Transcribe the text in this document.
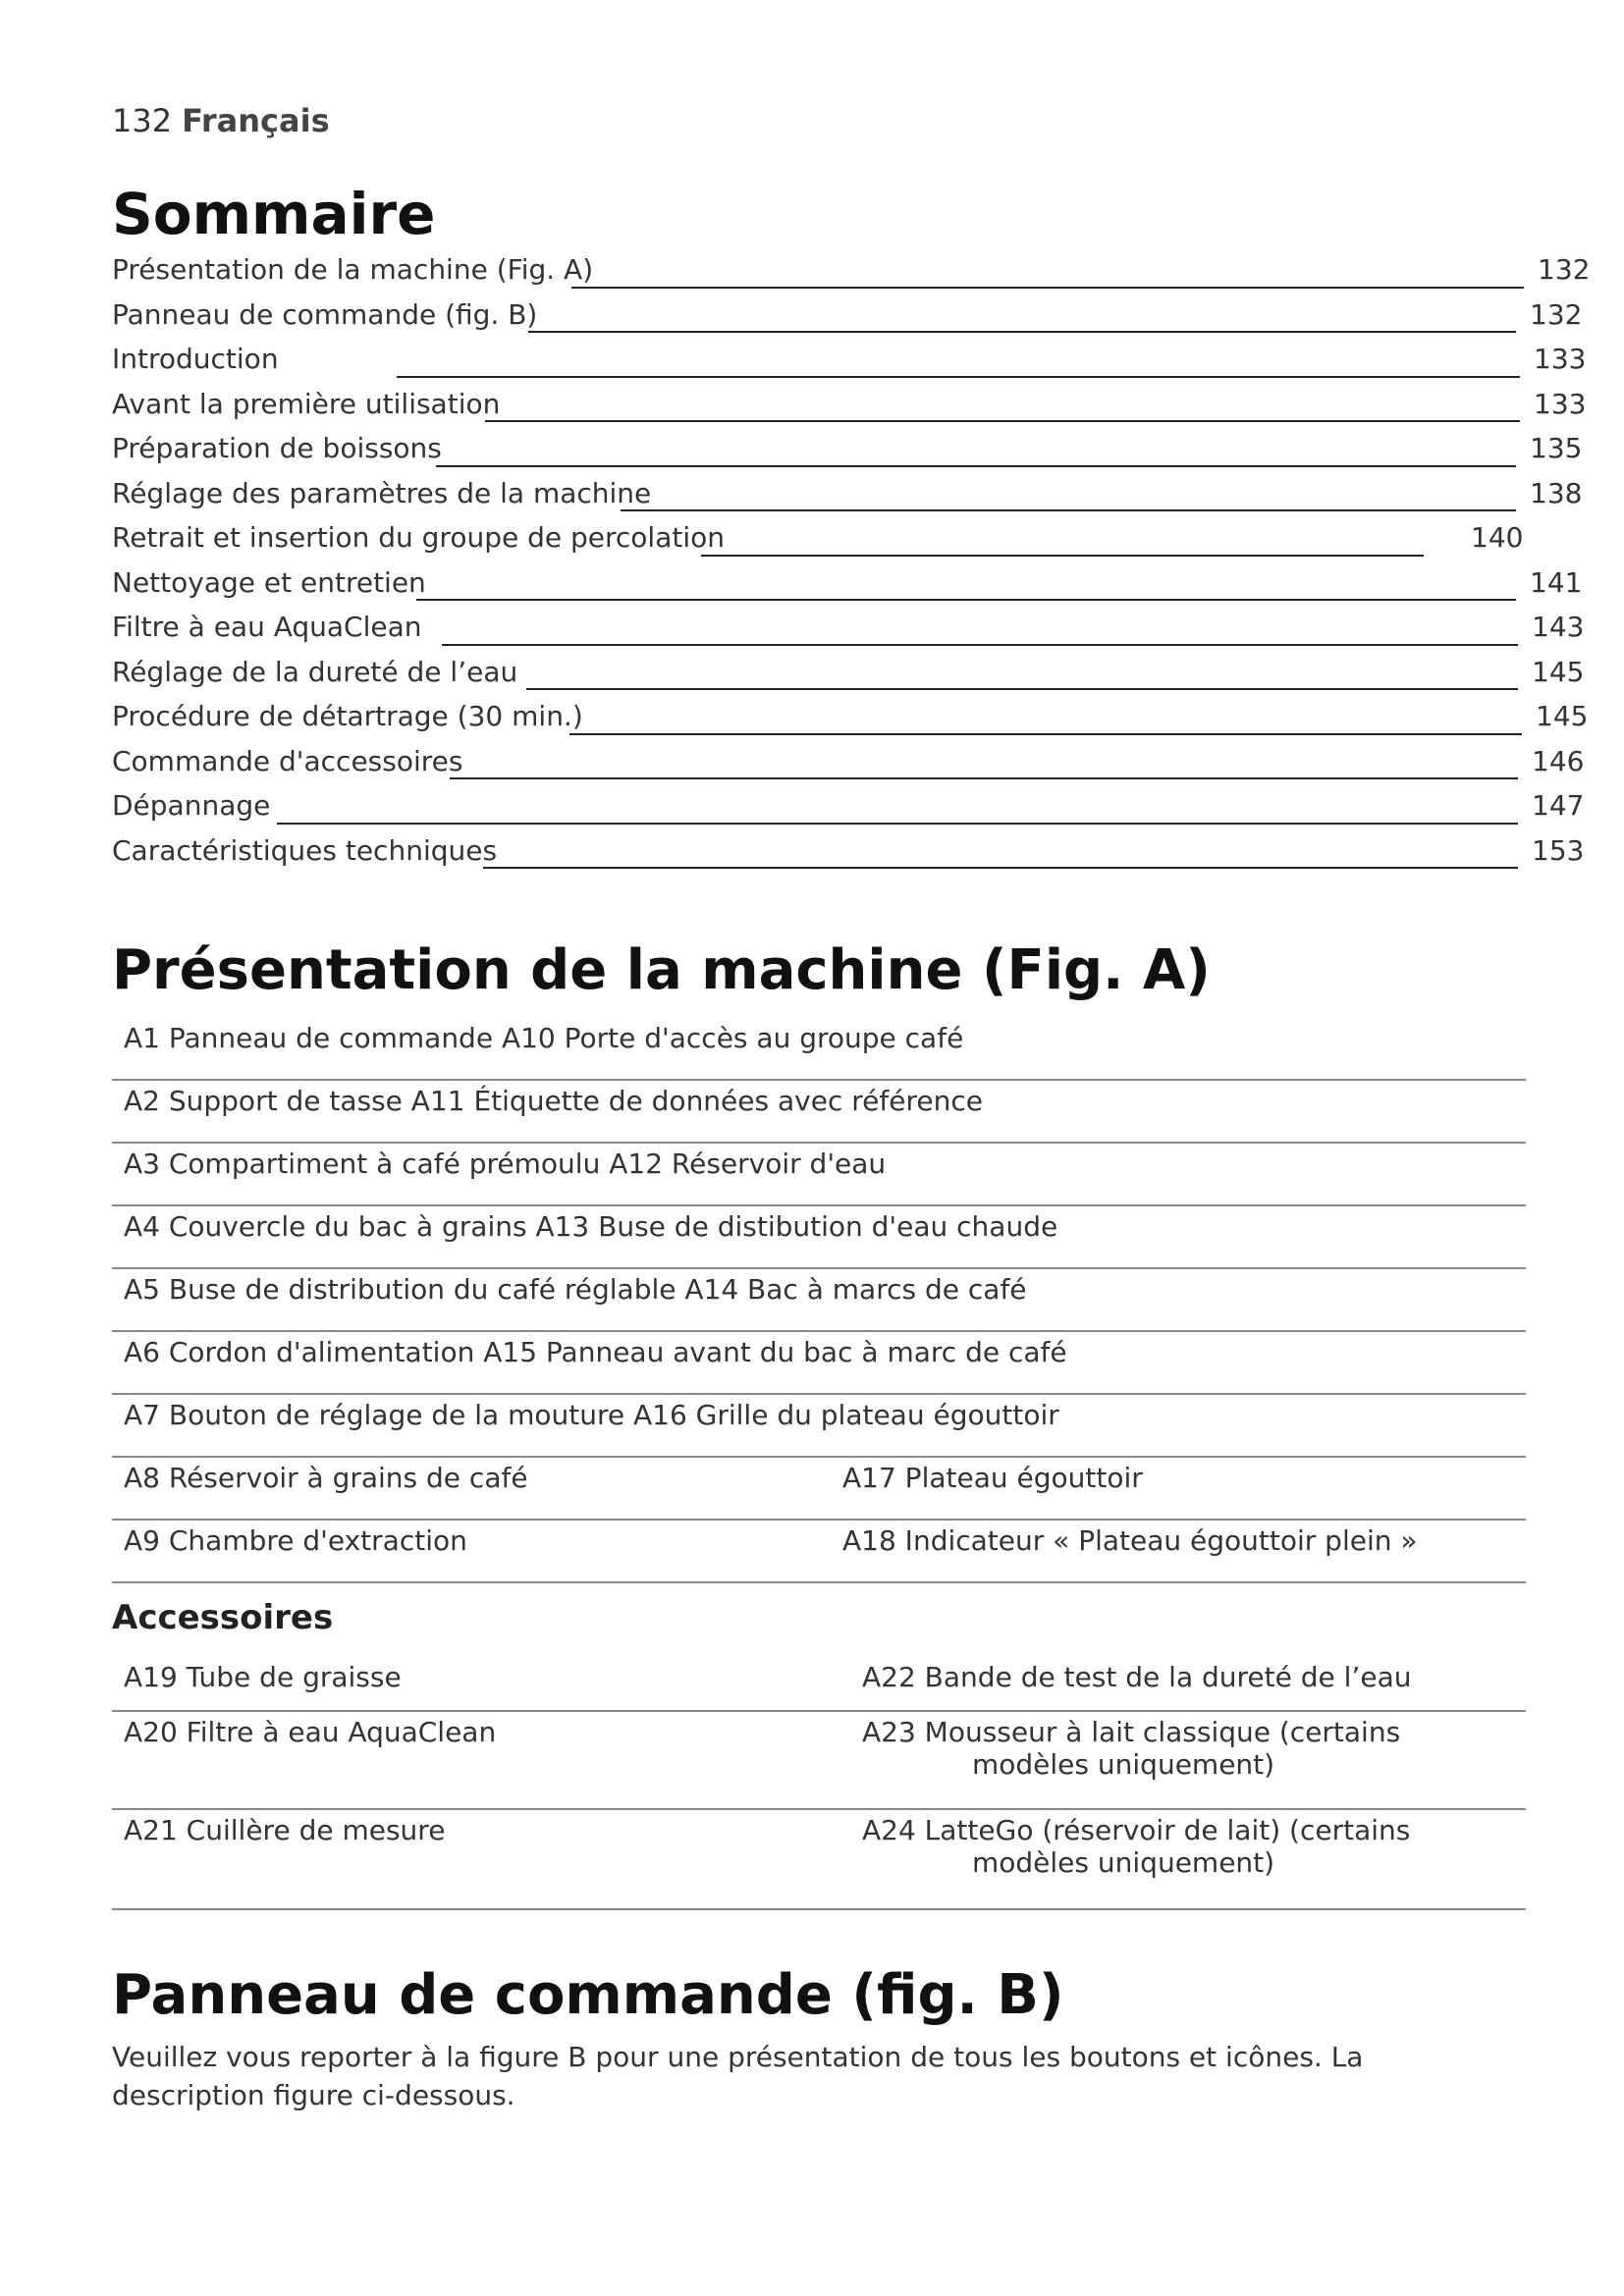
132 Français
Sommaire
Présentation de la machine (Fig. A)	132
Panneau de commande (fig. B)	132
Introduction	133
Avant la première utilisation	133
Préparation de boissons	135
Réglage des paramètres de la machine	138
Retrait et insertion du groupe de percolation	140
Nettoyage et entretien	141
Filtre à eau AquaClean	143
Réglage de la dureté de l’eau	145
Procédure de détartrage (30 min.)	145
Commande d'accessoires	146
Dépannage	147
Caractéristiques techniques	153
Présentation de la machine (Fig. A)
A1 Panneau de commande A10 Porte d'accès au groupe café
A2 Support de tasse A11 Étiquette de données avec référence
A3 Compartiment à café prémoulu A12 Réservoir d'eau
A4 Couvercle du bac à grains A13 Buse de distibution d'eau chaude
A5 Buse de distribution du café réglable A14 Bac à marcs de café
A6 Cordon d'alimentation A15 Panneau avant du bac à marc de café
A7 Bouton de réglage de la mouture A16 Grille du plateau égouttoir
A8 Réservoir à grains de café	A17 Plateau égouttoir
A9 Chambre d'extraction	A18 Indicateur « Plateau égouttoir plein »
Accessoires
A19 Tube de graisse	A22 Bande de test de la dureté de l’eau
A20 Filtre à eau AquaClean	A23 Mousseur à lait classique (certains
modèles uniquement)
A21 Cuillère de mesure	A24 LatteGo (réservoir de lait) (certains
modèles uniquement)
Panneau de commande (fig. B)
Veuillez vous reporter à la figure B pour une présentation de tous les boutons et icônes. La description figure ci-dessous.
